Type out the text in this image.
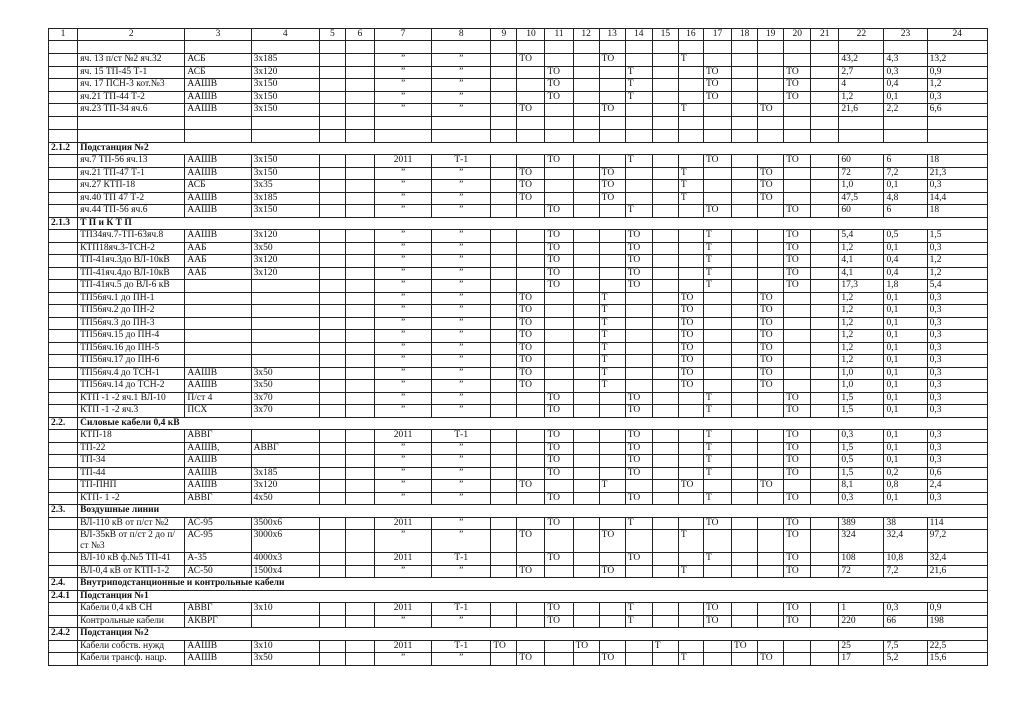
1	2	3	4	5	6	7	8	9	10	11	12	13	14	15	16	17	18	19	20	21	22	23	24

	яч. 13 п/ст №2 яч.32	АСБ	3х185			”	”		ТО			ТО			Т						43,2	4,3	13,2
	яч. 15 ТП-45 Т-1	АСБ	3х120			”	”			ТО			Т			ТО			ТО		2,7	0,3	0,9
	яч. 17 ПСН-3 кот.№3	ААШВ	3х150			”	”			ТО			Т			ТО			ТО		4	0,4	1,2
	яч.21 ТП-44 Т-2	ААШВ	3х150			”	”			ТО			Т			ТО			ТО		1,2	0,1	0,3
	яч.23 ТП-34 яч.6	ААШВ	3х150			”	”		ТО			ТО			Т			ТО			21,6	2,2	6,6

2.1.2	Подстанция №2																						
	яч.7 ТП-56 яч.13	ААШВ	3х150			2011	Т-1			ТО			Т			ТО			ТО		60	6	18
	яч.21 ТП-47 Т-1	ААШВ	3х150			”	”		ТО			ТО			Т			ТО			72	7,2	21,3
	яч.27 КТП-18	АСБ	3х35			”	”		ТО			ТО			Т			ТО			1,0	0,1	0,3
	яч.40 ТП 47 Т-2	ААШВ	3х185			”	”		ТО			ТО			Т			ТО			47,5	4,8	14,4
	яч.44 ТП-56 яч.6	ААШВ	3х150			”	”			ТО			Т			ТО			ТО		60	6	18
2.1.3	Т П и К Т П																						
	ТП34яч.7-ТП-63яч.8	ААШВ	3х120			”	”			ТО			ТО			Т			ТО		5,4	0,5	1,5
	КТП18яч.3-ТСН-2	ААБ	3х50			”	”			ТО			ТО			Т			ТО		1,2	0,1	0,3
	ТП-41яч.3до ВЛ-10кВ	ААБ	3х120			”	”			ТО			ТО			Т			ТО		4,1	0,4	1,2
	ТП-41яч.4до ВЛ-10кВ	ААБ	3х120			”	”			ТО			ТО			Т			ТО		4,1	0,4	1,2
	ТП-41яч.5 до ВЛ-6 кВ					”	”			ТО			ТО			Т			ТО		17,3	1,8	5,4
	ТП56яч.1 до ПН-1					”	”		ТО			Т			ТО			ТО			1,2	0,1	0,3
	ТП56яч.2 до ПН-2					”	”		ТО			Т			ТО			ТО			1,2	0,1	0,3
	ТП56яч.3 до ПН-3					”	”		ТО			Т			ТО			ТО			1,2	0,1	0,3
	ТП56яч.15 до ПН-4					”	”		ТО			Т			ТО			ТО			1,2	0,1	0,3
	ТП56яч.16 до ПН-5					”	”		ТО			Т			ТО			ТО			1,2	0,1	0,3
	ТП56яч.17 до ПН-6					”	”		ТО			Т			ТО			ТО			1,2	0,1	0,3
	ТП56яч.4 до ТСН-1	ААШВ	3х50			”	”		ТО			Т			ТО			ТО			1,0	0,1	0,3
	ТП56яч.14 до ТСН-2	ААШВ	3х50			”	”		ТО			Т			ТО			ТО			1,0	0,1	0,3
	КТП -1 -2 яч.1 ВЛ-10	П/ст 4	3х70			”	”			ТО			ТО			Т			ТО		1,5	0,1	0,3
	КТП -1 -2 яч.3	ПСХ	3х70			”	”			ТО			ТО			Т			ТО		1,5	0,1	0,3
2.2.	Силовые кабели 0,4 кВ																						
	КТП-18	АВВГ				2011	Т-1			ТО			ТО			Т			ТО		0,3	0,1	0,3
	ТП-22	ААШВ,	АВВГ			”	”			ТО			ТО			Т			ТО		1,5	0,1	0,3
	ТП-34	ААШВ				”	”			ТО			ТО			Т			ТО		0,5	0,1	0,3
	ТП-44	ААШВ	3х185			”	”			ТО			ТО			Т			ТО		1,5	0,2	0,6
	ТП-ПНП	ААШВ	3х120			”	”		ТО			Т			ТО			ТО			8,1	0,8	2,4
	КТП- 1 -2	АВВГ	4х50			”	”			ТО			ТО			Т			ТО		0,3	0,1	0,3
2.3.	Воздушные линии																						
	ВЛ-110 кВ от п/ст №2	АС-95	3500х6			2011	”			ТО			Т			ТО			ТО		389	38	114
	ВЛ-35кВ от п/ст 2 до п/ст №3	АС-95	3000х6			”	”		ТО			ТО			Т				ТО		324	32,4	97,2
	ВЛ-10 кВ ф.№5 ТП-41	А-35	4000х3			2011	Т-1			ТО			ТО			Т			ТО		108	10,8	32,4
	ВЛ-0,4 кВ от КТП-1-2	АС-50	1500х4			”	”		ТО			ТО			Т				ТО		72	7,2	21,6
2.4.	Внутриподстанционные и контрольные кабели																						
2.4.1	Подстанция №1																						
	Кабели 0,4 кВ СН	АВВГ	3х10			2011	Т-1			ТО			Т			ТО			ТО		1	0,3	0,9
	Контрольные кабели	АКВРГ				”	”			ТО			Т			ТО			ТО		220	66	198
2.4.2	Подстанция №2																						
	Кабели собств. нужд	ААШВ	3х10			2011	Т-1	ТО			ТО			Т			ТО				25	7,5	22,5
	Кабели трансф. нацр.	ААШВ	3х50			”	”		ТО			ТО			Т			ТО			17	5,2	15,6
